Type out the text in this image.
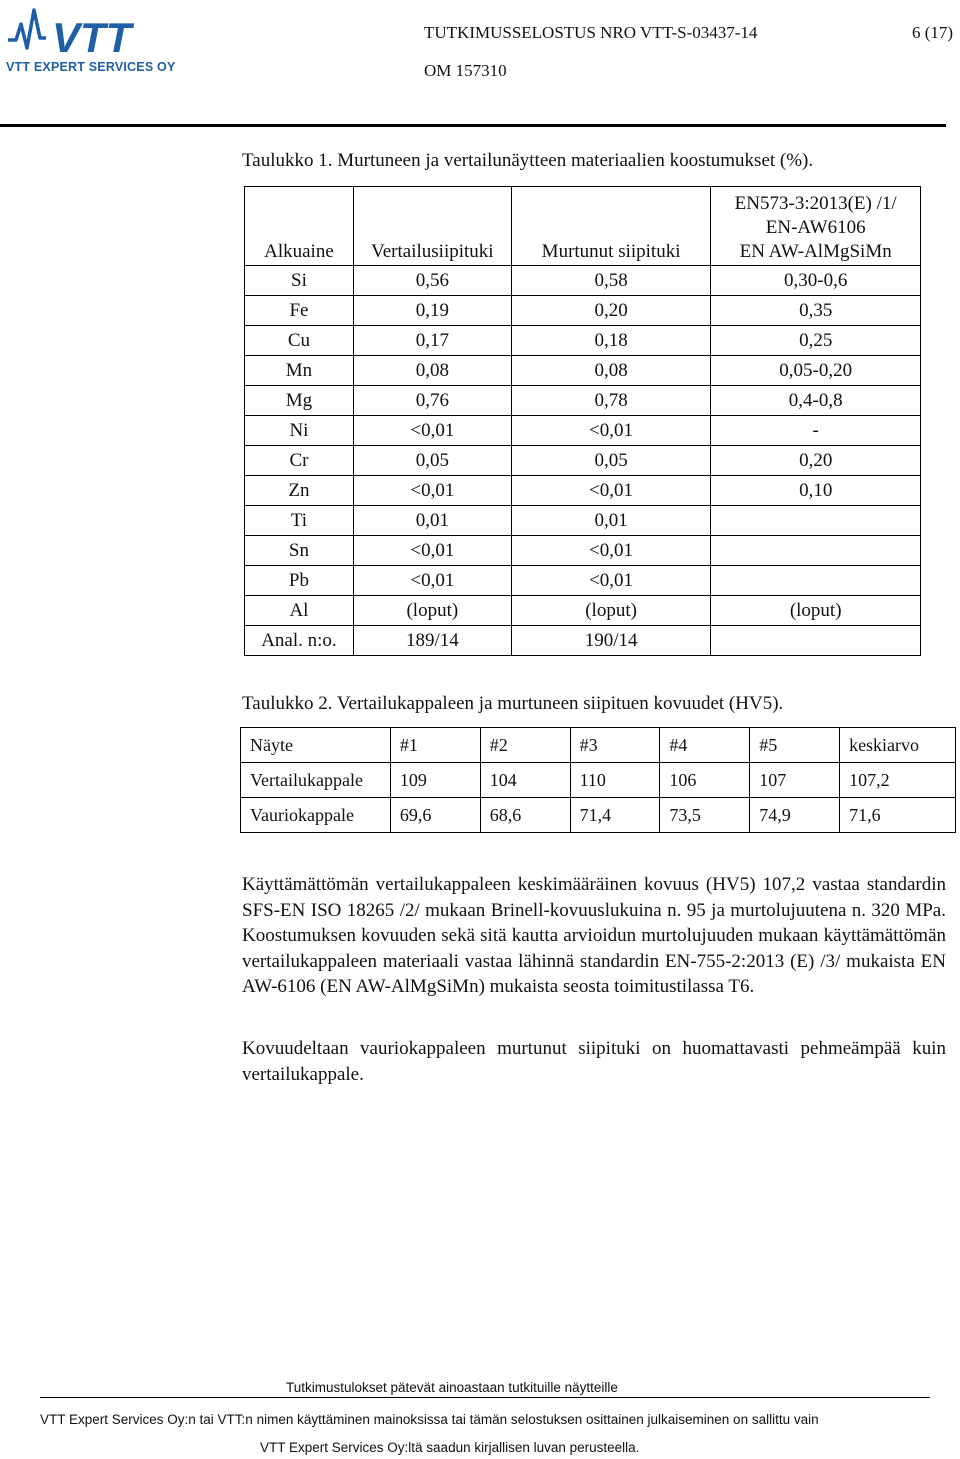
VTT
VTT EXPERT SERVICES OY
TUTKIMUSSELOSTUS NRO VTT-S-03437-14	6 (17)
OM 157310
Taulukko 1. Murtuneen ja vertailunäytteen materiaalien koostumukset (%).
Alkuaine	Vertailusiipituki	Murtunut siipituki	EN573-3:2013(E) /1/
EN-AW6106
EN AW-AlMgSiMn

Si	0,56	0,58	0,30-0,6
Fe	0,19	0,20	0,35
Cu	0,17	0,18	0,25
Mn	0,08	0,08	0,05-0,20
Mg	0,76	0,78	0,4-0,8
Ni	<0,01	<0,01	-
Cr	0,05	0,05	0,20
Zn	<0,01	<0,01	0,10
Ti	0,01	0,01	
Sn	<0,01	<0,01	
Pb	<0,01	<0,01	
Al	(loput)	(loput)	(loput)
Anal. n:o.	189/14	190/14	
Taulukko 2. Vertailukappaleen ja murtuneen siipituen kovuudet (HV5).
Näyte	#1	#2	#3	#4	#5	keskiarvo
Vertailukappale	109	104	110	106	107	107,2
Vauriokappale	69,6	68,6	71,4	73,5	74,9	71,6
Käyttämättömän vertailukappaleen keskimääräinen kovuus (HV5) 107,2 vastaa standardin SFS-EN ISO 18265 /2/ mukaan Brinell-kovuuslukuina n. 95 ja murtolujuutena n. 320 MPa. Koostumuksen kovuuden sekä sitä kautta arvioidun murtolujuuden mukaan käyttämättömän vertailukappaleen materiaali vastaa lähinnä standardin EN-755-2:2013 (E) /3/ mukaista EN AW-6106 (EN AW-AlMgSiMn) mukaista seosta toimitustilassa T6.
Kovuudeltaan vauriokappaleen murtunut siipituki on huomattavasti pehmeämpää kuin vertailukappale.
Tutkimustulokset pätevät ainoastaan tutkituille näytteille
VTT Expert Services Oy:n tai VTT:n nimen käyttäminen mainoksissa tai tämän selostuksen osittainen julkaiseminen on sallittu vain
VTT Expert Services Oy:ltä saadun kirjallisen luvan perusteella.
